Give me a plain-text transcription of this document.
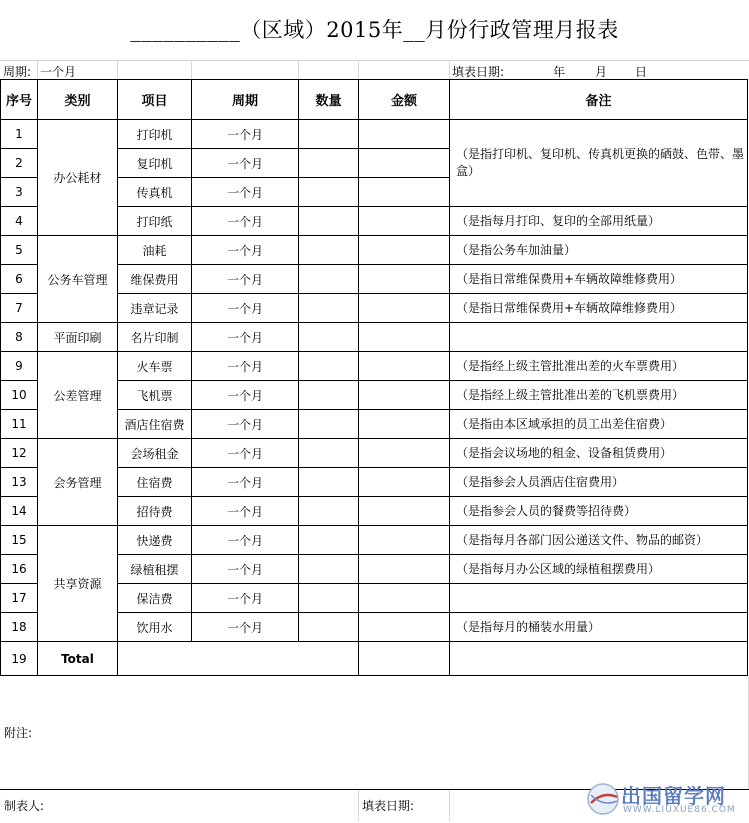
__________（区域）2015年__月份行政管理月报表
周期: 一个月	填表日期:	年 月 日
序号	类别	项目	周期	数量	金额	备注
1	办公耗材	打印机	一个月			（是指打印机、复印机、传真机更换的硒鼓、色带、墨盒）
2		复印机	一个月			
3		传真机	一个月			
4		打印纸	一个月			（是指每月打印、复印的全部用纸量）
5	公务车管理	油耗	一个月			（是指公务车加油量）
6		维保费用	一个月			（是指日常维保费用+车辆故障维修费用）
7		违章记录	一个月			（是指日常维保费用+车辆故障维修费用）
8	平面印刷	名片印制	一个月			
9	公差管理	火车票	一个月			（是指经上级主管批准出差的火车票费用）
10		飞机票	一个月			（是指经上级主管批准出差的飞机票费用）
11		酒店住宿费	一个月			（是指由本区域承担的员工出差住宿费）
12	会务管理	会场租金	一个月			（是指会议场地的租金、设备租赁费用）
13		住宿费	一个月			（是指参会人员酒店住宿费用）
14		招待费	一个月			（是指参会人员的餐费等招待费）
15	共享资源	快递费	一个月			（是指每月各部门因公递送文件、物品的邮资）
16		绿植租摆	一个月			（是指每月办公区域的绿植租摆费用）
17		保洁费	一个月			
18		饮用水	一个月			（是指每月的桶装水用量）
19	Total					
附注:
制表人:	填表日期:	出国留学网
WWW.LIUXUE86.COM
